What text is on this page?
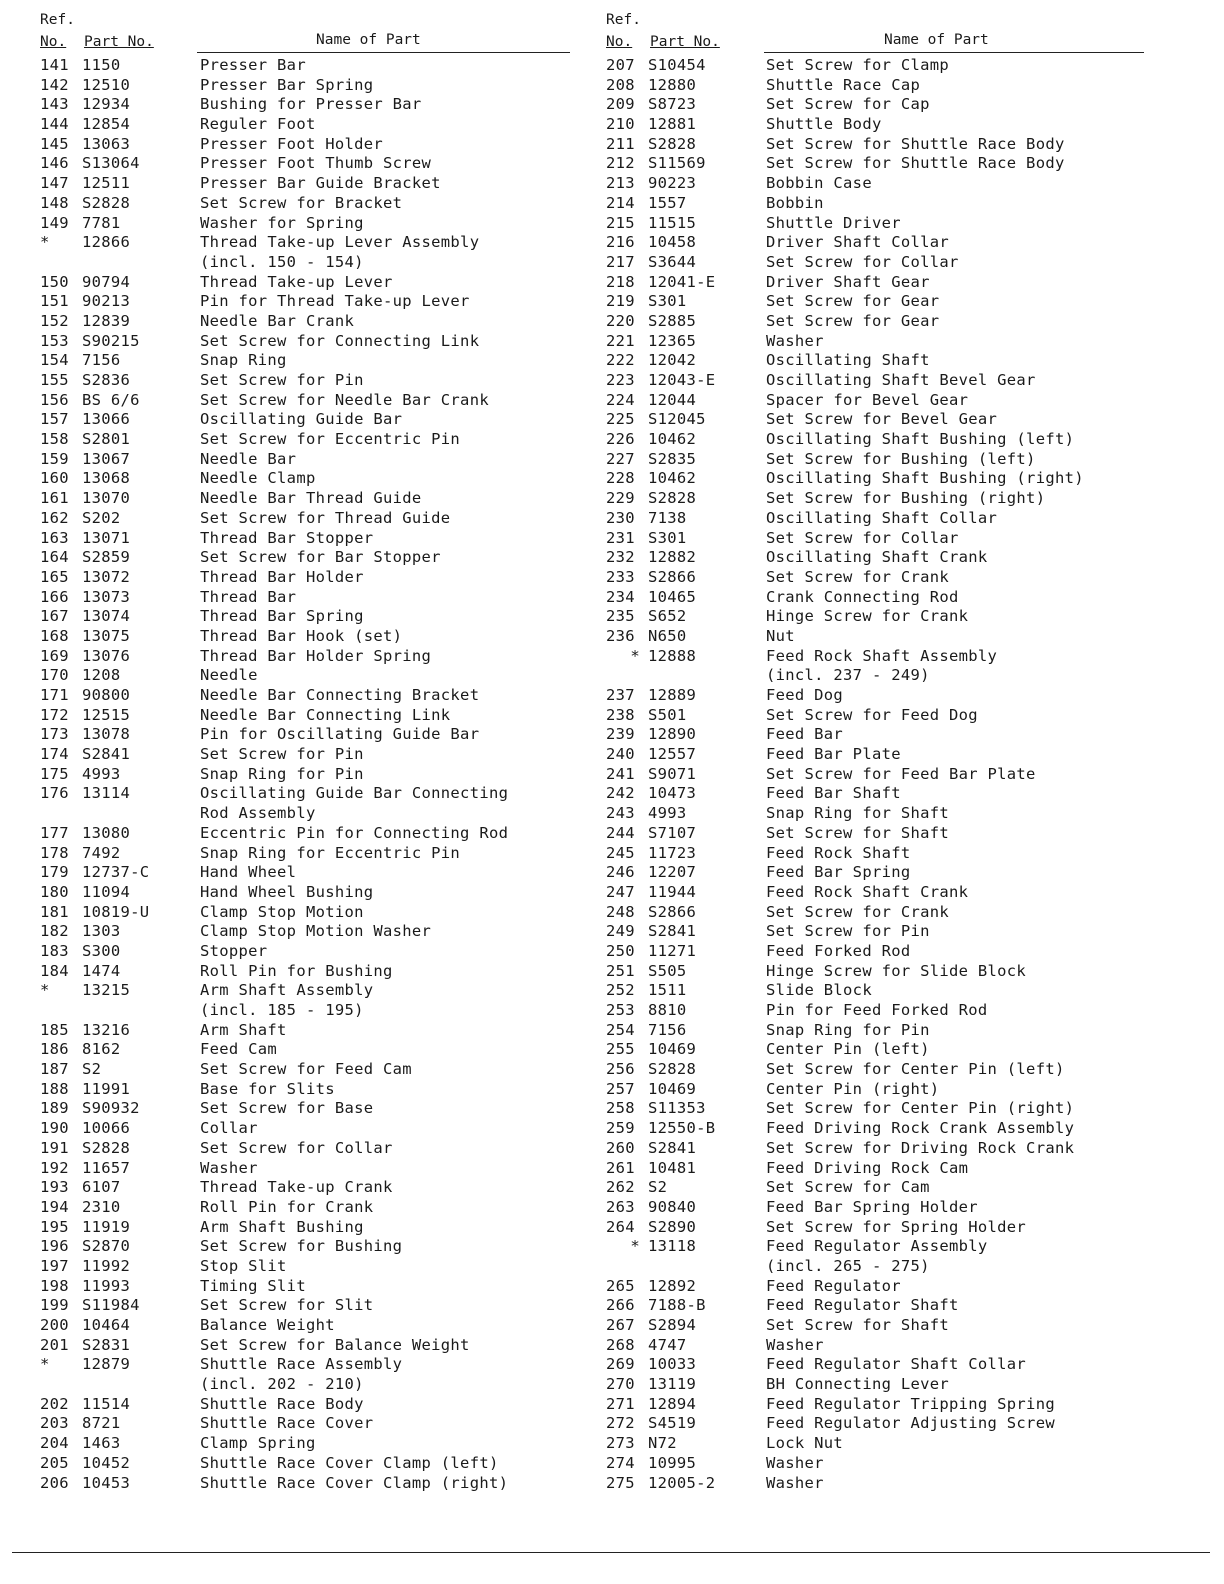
Ref.
No. Part No.	Name of Part
141 1150	Presser Bar
142 12510	Presser Bar Spring
143 12934	Bushing for Presser Bar
144 12854	Reguler Foot
145 13063	Presser Foot Holder
146 S13064	Presser Foot Thumb Screw
147 12511	Presser Bar Guide Bracket
148 S2828	Set Screw for Bracket
149 7781	Washer for Spring
*	12866	Thread Take-up Lever Assembly
(incl. 150 - 154)
150 90794	Thread Take-up Lever
151 90213	Pin for Thread Take-up Lever
152 12839	Needle Bar Crank
153 S90215	Set Screw for Connecting Link
154 7156	Snap Ring
155 S2836	Set Screw for Pin
156 BS 6/6	Set Screw for Needle Bar Crank
157 13066	Oscillating Guide Bar
158 S2801	Set Screw for Eccentric Pin
159 13067	Needle Bar
160 13068	Needle Clamp
161 13070	Needle Bar Thread Guide
162 S202	Set Screw for Thread Guide
163 13071	Thread Bar Stopper
164 S2859	Set Screw for Bar Stopper
165 13072	Thread Bar Holder
166 13073	Thread Bar
167 13074	Thread Bar Spring
168 13075	Thread Bar Hook (set)
169 13076	Thread Bar Holder Spring
170 1208	Needle
171 90800	Needle Bar Connecting Bracket
172 12515	Needle Bar Connecting Link
173 13078	Pin for Oscillating Guide Bar
174 S2841	Set Screw for Pin
175 4993	Snap Ring for Pin
176 13114	Oscillating Guide Bar Connecting
Rod Assembly
177 13080	Eccentric Pin for Connecting Rod
178 7492	Snap Ring for Eccentric Pin
179 12737-C	Hand Wheel
180 11094	Hand Wheel Bushing
181 10819-U	Clamp Stop Motion
182 1303	Clamp Stop Motion Washer
183 S300	Stopper
184 1474	Roll Pin for Bushing
*	13215	Arm Shaft Assembly
(incl. 185 - 195)
185 13216	Arm Shaft
186 8162	Feed Cam
187 S2	Set Screw for Feed Cam
188 11991	Base for Slits
189 S90932	Set Screw for Base
190 10066	Collar
191 S2828	Set Screw for Collar
192 11657	Washer
193 6107	Thread Take-up Crank
194 2310	Roll Pin for Crank
195 11919	Arm Shaft Bushing
196 S2870	Set Screw for Bushing
197 11992	Stop Slit
198 11993	Timing Slit
199 S11984	Set Screw for Slit
200 10464	Balance Weight
201 S2831	Set Screw for Balance Weight
*	12879	Shuttle Race Assembly
(incl. 202 - 210)
202 11514	Shuttle Race Body
203 8721	Shuttle Race Cover
204 1463	Clamp Spring
205 10452	Shuttle Race Cover Clamp (left)
206 10453	Shuttle Race Cover Clamp (right)
Ref.
No. Part No.	Name of Part
207 S10454	Set Screw for Clamp
208 12880	Shuttle Race Cap
209 S8723	Set Screw for Cap
210 12881	Shuttle Body
211 S2828	Set Screw for Shuttle Race Body
212 S11569	Set Screw for Shuttle Race Body
213 90223	Bobbin Case
214 1557	Bobbin
215 11515	Shuttle Driver
216 10458	Driver Shaft Collar
217 S3644	Set Screw for Collar
218 12041-E	Driver Shaft Gear
219 S301	Set Screw for Gear
220 S2885	Set Screw for Gear
221 12365	Washer
222 12042	Oscillating Shaft
223 12043-E	Oscillating Shaft Bevel Gear
224 12044	Spacer for Bevel Gear
225 S12045	Set Screw for Bevel Gear
226 10462	Oscillating Shaft Bushing (left)
227 S2835	Set Screw for Bushing (left)
228 10462	Oscillating Shaft Bushing (right)
229 S2828	Set Screw for Bushing (right)
230 7138	Oscillating Shaft Collar
231 S301	Set Screw for Collar
232 12882	Oscillating Shaft Crank
233 S2866	Set Screw for Crank
234 10465	Crank Connecting Rod
235 S652	Hinge Screw for Crank
236 N650	Nut
* 12888	Feed Rock Shaft Assembly
(incl. 237 - 249)
237 12889	Feed Dog
238 S501	Set Screw for Feed Dog
239 12890	Feed Bar
240 12557	Feed Bar Plate
241 S9071	Set Screw for Feed Bar Plate
242 10473	Feed Bar Shaft
243 4993	Snap Ring for Shaft
244 S7107	Set Screw for Shaft
245 11723	Feed Rock Shaft
246 12207	Feed Bar Spring
247 11944	Feed Rock Shaft Crank
248 S2866	Set Screw for Crank
249 S2841	Set Screw for Pin
250 11271	Feed Forked Rod
251 S505	Hinge Screw for Slide Block
252 1511	Slide Block
253 8810	Pin for Feed Forked Rod
254 7156	Snap Ring for Pin
255 10469	Center Pin (left)
256 S2828	Set Screw for Center Pin (left)
257 10469	Center Pin (right)
258 S11353	Set Screw for Center Pin (right)
259 12550-B	Feed Driving Rock Crank Assembly
260 S2841	Set Screw for Driving Rock Crank
261 10481	Feed Driving Rock Cam
262 S2	Set Screw for Cam
263 90840	Feed Bar Spring Holder
264 S2890	Set Screw for Spring Holder
* 13118	Feed Regulator Assembly
(incl. 265 - 275)
265 12892	Feed Regulator
266 7188-B	Feed Regulator Shaft
267 S2894	Set Screw for Shaft
268 4747	Washer
269 10033	Feed Regulator Shaft Collar
270 13119	BH Connecting Lever
271 12894	Feed Regulator Tripping Spring
272 S4519	Feed Regulator Adjusting Screw
273 N72	Lock Nut
274 10995	Washer
275 12005-2	Washer
